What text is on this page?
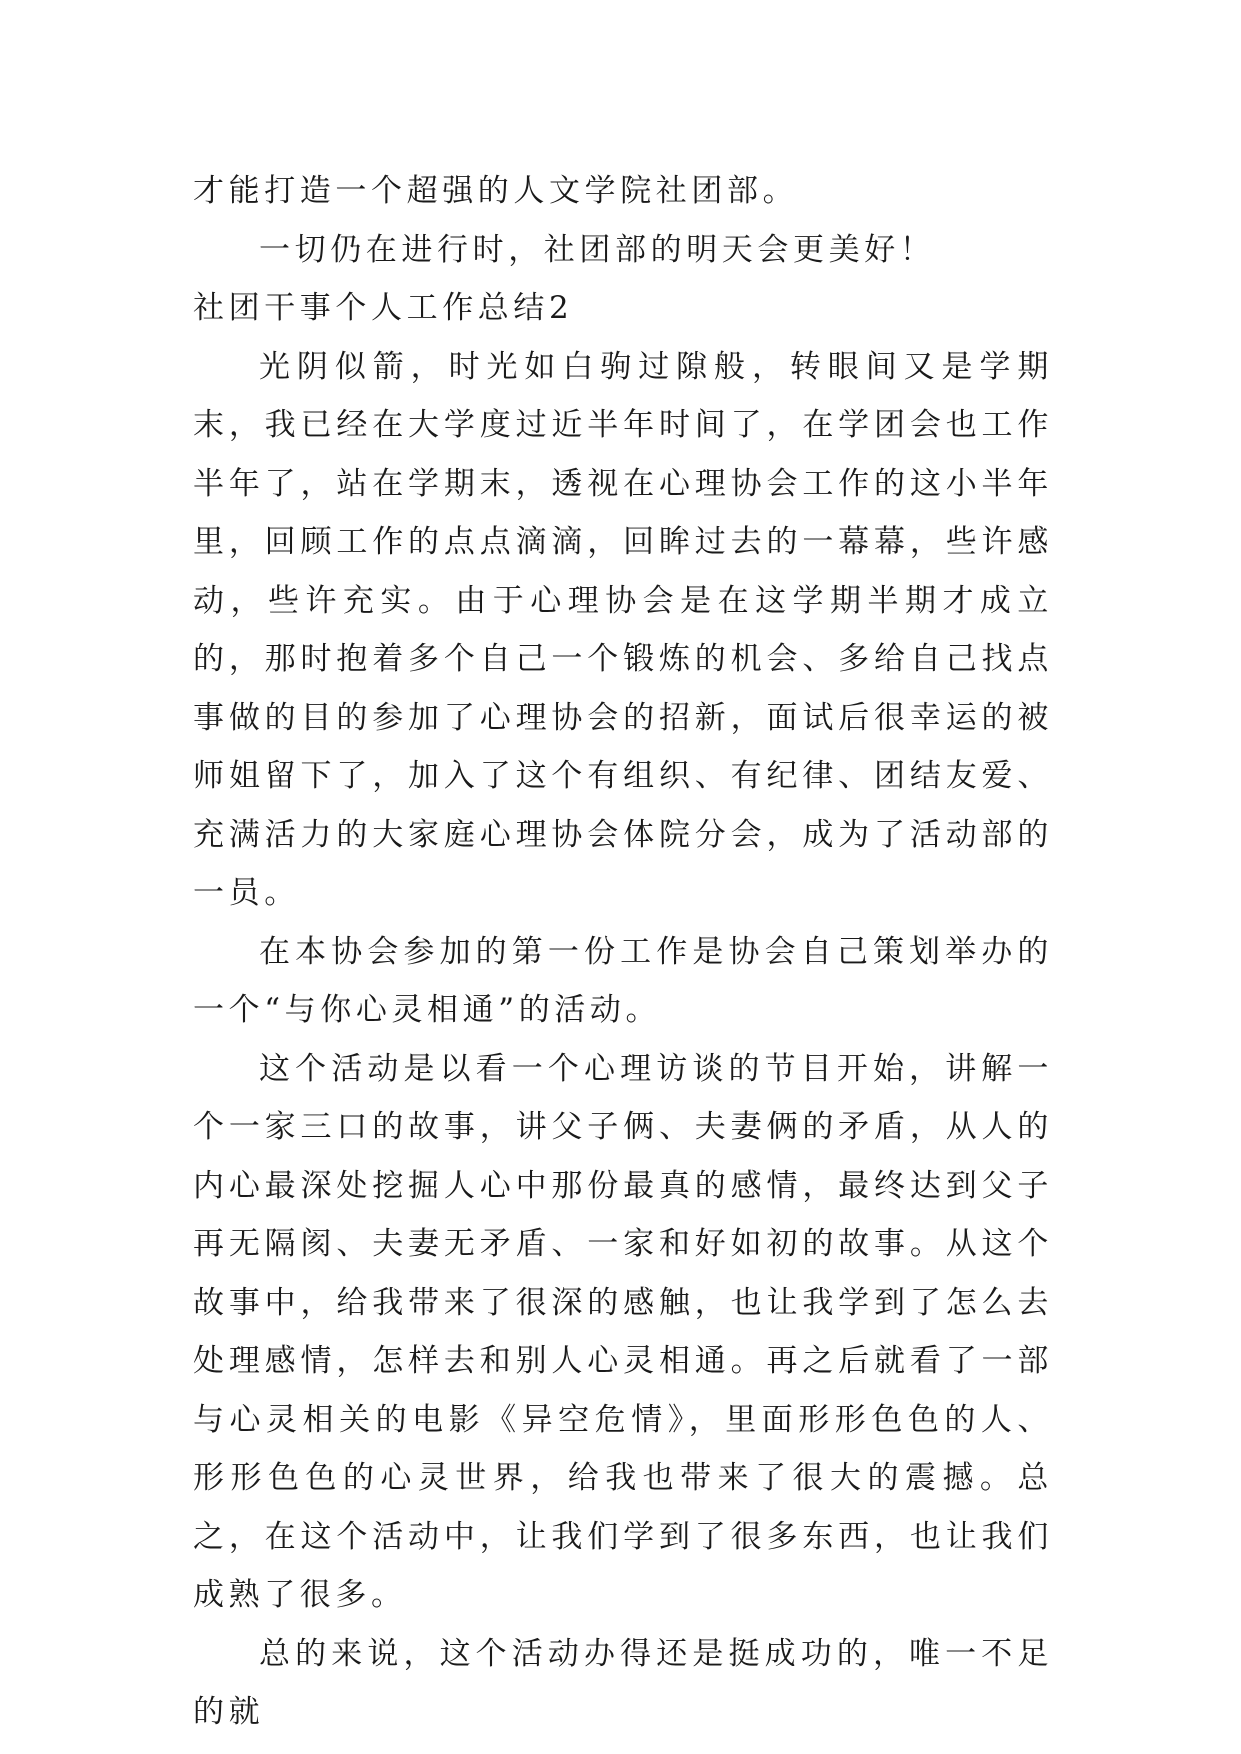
才能打造一个超强的人文学院社团部。

一切仍在进行时，社团部的明天会更美好！

社团干事个人工作总结2

光阴似箭，时光如白驹过隙般，转眼间又是学期末，我已经在大学度过近半年时间了，在学团会也工作半年了，站在学期末，透视在心理协会工作的这小半年里，回顾工作的点点滴滴，回眸过去的一幕幕，些许感动，些许充实。由于心理协会是在这学期半期才成立的，那时抱着多个自己一个锻炼的机会、多给自己找点事做的目的参加了心理协会的招新，面试后很幸运的被师姐留下了，加入了这个有组织、有纪律、团结友爱、充满活力的大家庭心理协会体院分会，成为了活动部的一员。

在本协会参加的第一份工作是协会自己策划举办的一个“与你心灵相通”的活动。

这个活动是以看一个心理访谈的节目开始，讲解一个一家三口的故事，讲父子俩、夫妻俩的矛盾，从人的内心最深处挖掘人心中那份最真的感情，最终达到父子再无隔阂、夫妻无矛盾、一家和好如初的故事。从这个故事中，给我带来了很深的感触，也让我学到了怎么去处理感情，怎样去和别人心灵相通。再之后就看了一部与心灵相关的电影《异空危情》，里面形形色色的人、形形色色的心灵世界，给我也带来了很大的震撼。总之，在这个活动中，让我们学到了很多东西，也让我们成熟了很多。

总的来说，这个活动办得还是挺成功的，唯一不足的就
